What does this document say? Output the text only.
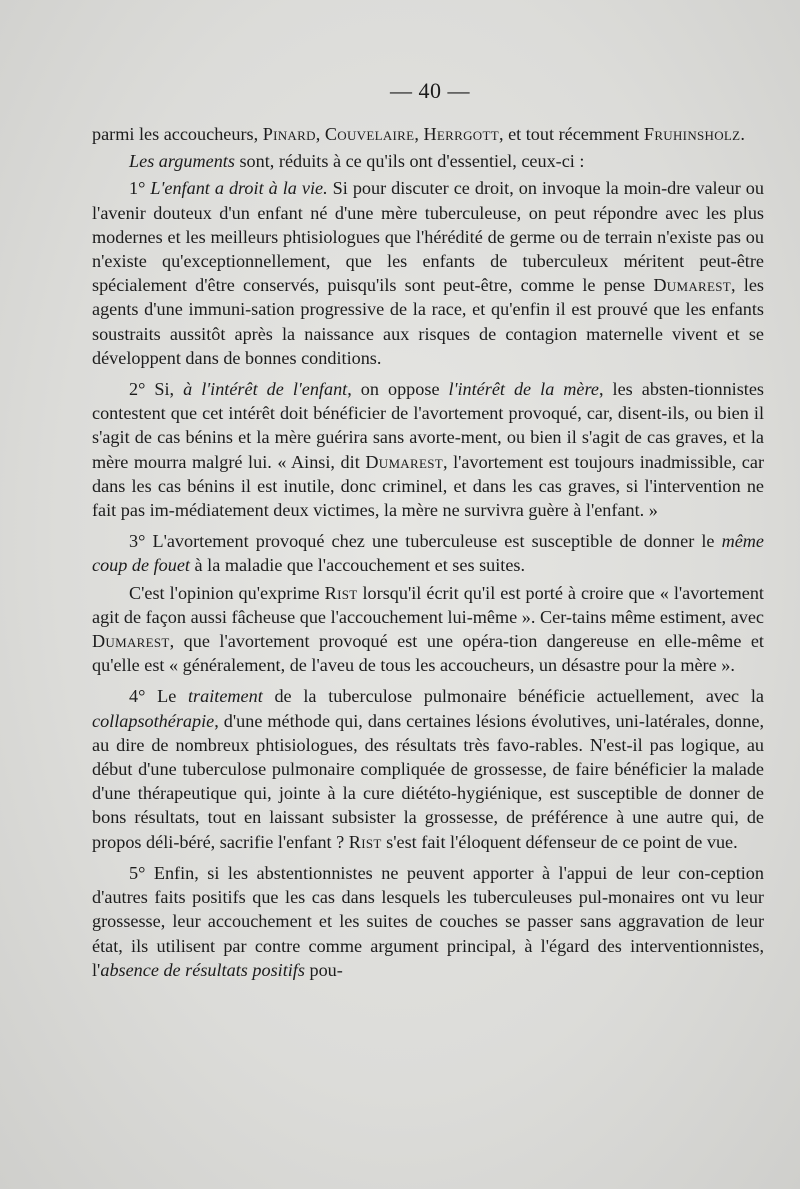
— 40 —

parmi les accoucheurs, Pinard, Couvelaire, Herrgott, et tout récemment Fruhinsholz.

Les arguments sont, réduits à ce qu'ils ont d'essentiel, ceux-ci :

1° L'enfant a droit à la vie. Si pour discuter ce droit, on invoque la moin-dre valeur ou l'avenir douteux d'un enfant né d'une mère tuberculeuse, on peut répondre avec les plus modernes et les meilleurs phtisiologues que l'hérédité de germe ou de terrain n'existe pas ou n'existe qu'exceptionnellement, que les enfants de tuberculeux méritent peut-être spécialement d'être conservés, puisqu'ils sont peut-être, comme le pense Dumarest, les agents d'une immuni-sation progressive de la race, et qu'enfin il est prouvé que les enfants soustraits aussitôt après la naissance aux risques de contagion maternelle vivent et se développent dans de bonnes conditions.

2° Si, à l'intérêt de l'enfant, on oppose l'intérêt de la mère, les absten-tionnistes contestent que cet intérêt doit bénéficier de l'avortement provoqué, car, disent-ils, ou bien il s'agit de cas bénins et la mère guérira sans avorte-ment, ou bien il s'agit de cas graves, et la mère mourra malgré lui. « Ainsi, dit Dumarest, l'avortement est toujours inadmissible, car dans les cas bénins il est inutile, donc criminel, et dans les cas graves, si l'intervention ne fait pas im-médiatement deux victimes, la mère ne survivra guère à l'enfant. »

3° L'avortement provoqué chez une tuberculeuse est susceptible de donner le même coup de fouet à la maladie que l'accouchement et ses suites.

C'est l'opinion qu'exprime Rist lorsqu'il écrit qu'il est porté à croire que « l'avortement agit de façon aussi fâcheuse que l'accouchement lui-même ». Cer-tains même estiment, avec Dumarest, que l'avortement provoqué est une opéra-tion dangereuse en elle-même et qu'elle est « généralement, de l'aveu de tous les accoucheurs, un désastre pour la mère ».

4° Le traitement de la tuberculose pulmonaire bénéficie actuellement, avec la collapsothérapie, d'une méthode qui, dans certaines lésions évolutives, uni-latérales, donne, au dire de nombreux phtisiologues, des résultats très favo-rables. N'est-il pas logique, au début d'une tuberculose pulmonaire compliquée de grossesse, de faire bénéficier la malade d'une thérapeutique qui, jointe à la cure diététo-hygiénique, est susceptible de donner de bons résultats, tout en laissant subsister la grossesse, de préférence à une autre qui, de propos déli-béré, sacrifie l'enfant ? Rist s'est fait l'éloquent défenseur de ce point de vue.

5° Enfin, si les abstentionnistes ne peuvent apporter à l'appui de leur con-ception d'autres faits positifs que les cas dans lesquels les tuberculeuses pul-monaires ont vu leur grossesse, leur accouchement et les suites de couches se passer sans aggravation de leur état, ils utilisent par contre comme argument principal, à l'égard des interventionnistes, l'absence de résultats positifs pou-
